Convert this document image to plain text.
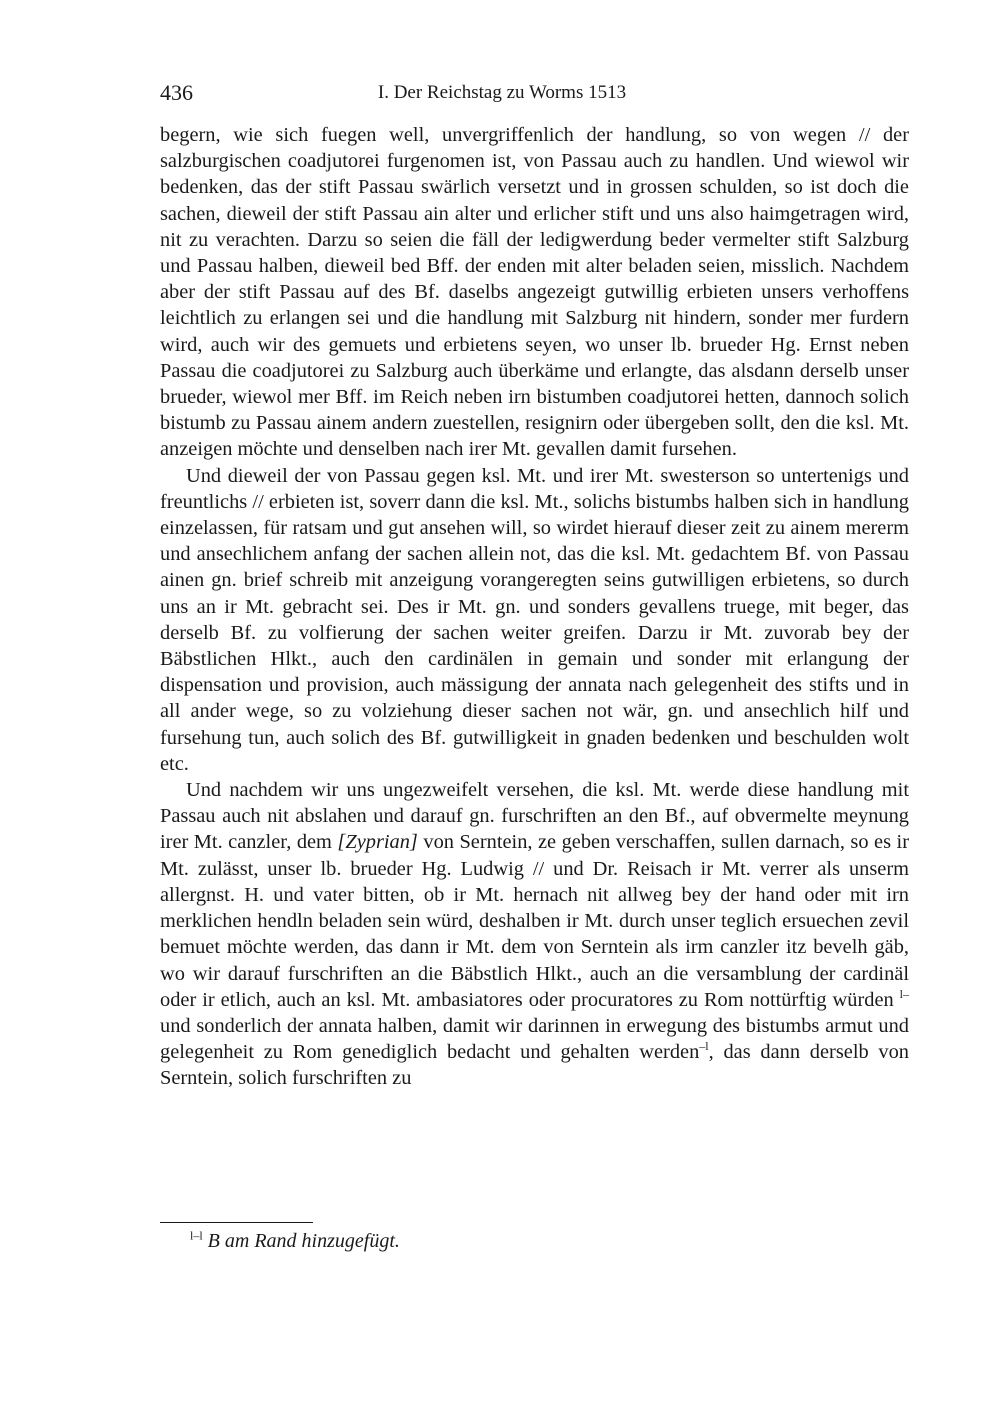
436	I. Der Reichstag zu Worms 1513

begern, wie sich fuegen well, unvergriffenlich der handlung, so von wegen // der salzburgischen coadjutorei furgenomen ist, von Passau auch zu handlen. Und wiewol wir bedenken, das der stift Passau swärlich versetzt und in grossen schulden, so ist doch die sachen, dieweil der stift Passau ain alter und erlicher stift und uns also haimgetragen wird, nit zu verachten. Darzu so seien die fäll der ledigwerdung beder vermelter stift Salzburg und Passau halben, dieweil bed Bff. der enden mit alter beladen seien, misslich. Nachdem aber der stift Passau auf des Bf. daselbs angezeigt gutwillig erbieten unsers verhoffens leichtlich zu erlangen sei und die handlung mit Salzburg nit hindern, sonder mer furdern wird, auch wir des gemuets und erbietens seyen, wo unser lb. brueder Hg. Ernst neben Passau die coadjutorei zu Salzburg auch überkäme und erlangte, das alsdann derselb unser brueder, wiewol mer Bff. im Reich neben irn bistumben coadjutorei hetten, dannoch solich bistumb zu Passau ainem andern zuestellen, resignirn oder übergeben sollt, den die ksl. Mt. anzeigen möchte und denselben nach irer Mt. gevallen damit fursehen.

Und dieweil der von Passau gegen ksl. Mt. und irer Mt. swesterson so untertenigs und freuntlichs // erbieten ist, soverr dann die ksl. Mt., solichs bistumbs halben sich in handlung einzelassen, für ratsam und gut ansehen will, so wirdet hierauf dieser zeit zu ainem mererm und ansechlichem anfang der sachen allein not, das die ksl. Mt. gedachtem Bf. von Passau ainen gn. brief schreib mit anzeigung vorangeregten seins gutwilligen erbietens, so durch uns an ir Mt. gebracht sei. Des ir Mt. gn. und sonders gevallens truege, mit beger, das derselb Bf. zu volfierung der sachen weiter greifen. Darzu ir Mt. zuvorab bey der Bäbstlichen Hlkt., auch den cardinälen in gemain und sonder mit erlangung der dispensation und provision, auch mässigung der annata nach gelegenheit des stifts und in all ander wege, so zu volziehung dieser sachen not wär, gn. und ansechlich hilf und fursehung tun, auch solich des Bf. gutwilligkeit in gnaden bedenken und beschulden wolt etc.

Und nachdem wir uns ungezweifelt versehen, die ksl. Mt. werde diese handlung mit Passau auch nit abslahen und darauf gn. furschriften an den Bf., auf obvermelte meynung irer Mt. canzler, dem [Zyprian] von Serntein, ze geben verschaffen, sullen darnach, so es ir Mt. zulässt, unser lb. brueder Hg. Ludwig // und Dr. Reisach ir Mt. verrer als unserm allergnst. H. und vater bitten, ob ir Mt. hernach nit allweg bey der hand oder mit irn merklichen hendln beladen sein würd, deshalben ir Mt. durch unser teglich ersuechen zevil bemuet möchte werden, das dann ir Mt. dem von Serntein als irm canzler itz bevelh gäb, wo wir darauf furschriften an die Bäbstlich Hlkt., auch an die versamblung der cardinäl oder ir etlich, auch an ksl. Mt. ambasiatores oder procuratores zu Rom nottürftig würden $^{l-}$und sonderlich der annata halben, damit wir darinnen in erwegung des bistumbs armut und gelegenheit zu Rom genediglich bedacht und gehalten werden$^{-l}$, das dann derselb von Serntein, solich furschriften zu

$^{l-l}$ B am Rand hinzugefügt.
